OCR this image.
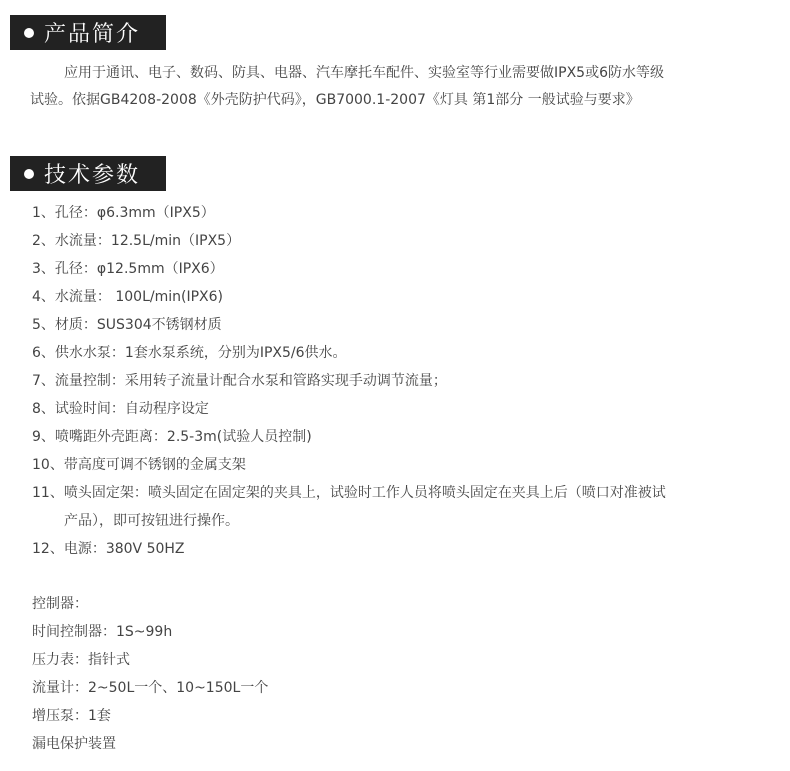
产品简介

应用于通讯、电子、数码、防具、电器、汽车摩托车配件、实验室等行业需要做IPX5或6防水等级
试验。依据GB4208-2008《外壳防护代码》，GB7000.1-2007《灯具 第1部分 一般试验与要求》

技术参数
1、孔径：φ6.3mm（IPX5）
2、水流量：12.5L/min（IPX5）
3、孔径：φ12.5mm（IPX6）
4、水流量： 100L/min(IPX6)
5、材质：SUS304不锈钢材质
6、供水水泵：1套水泵系统，分别为IPX5/6供水。
7、流量控制：采用转子流量计配合水泵和管路实现手动调节流量；
8、试验时间：自动程序设定
9、喷嘴距外壳距离：2.5-3m(试验人员控制)
10、带高度可调不锈钢的金属支架
11、喷头固定架：喷头固定在固定架的夹具上，试验时工作人员将喷头固定在夹具上后（喷口对准被试
产品），即可按钮进行操作。
12、电源：380V 50HZ
控制器：
时间控制器：1S~99h
压力表：指针式
流量计：2~50L一个、10~150L一个
增压泵：1套
漏电保护装置
